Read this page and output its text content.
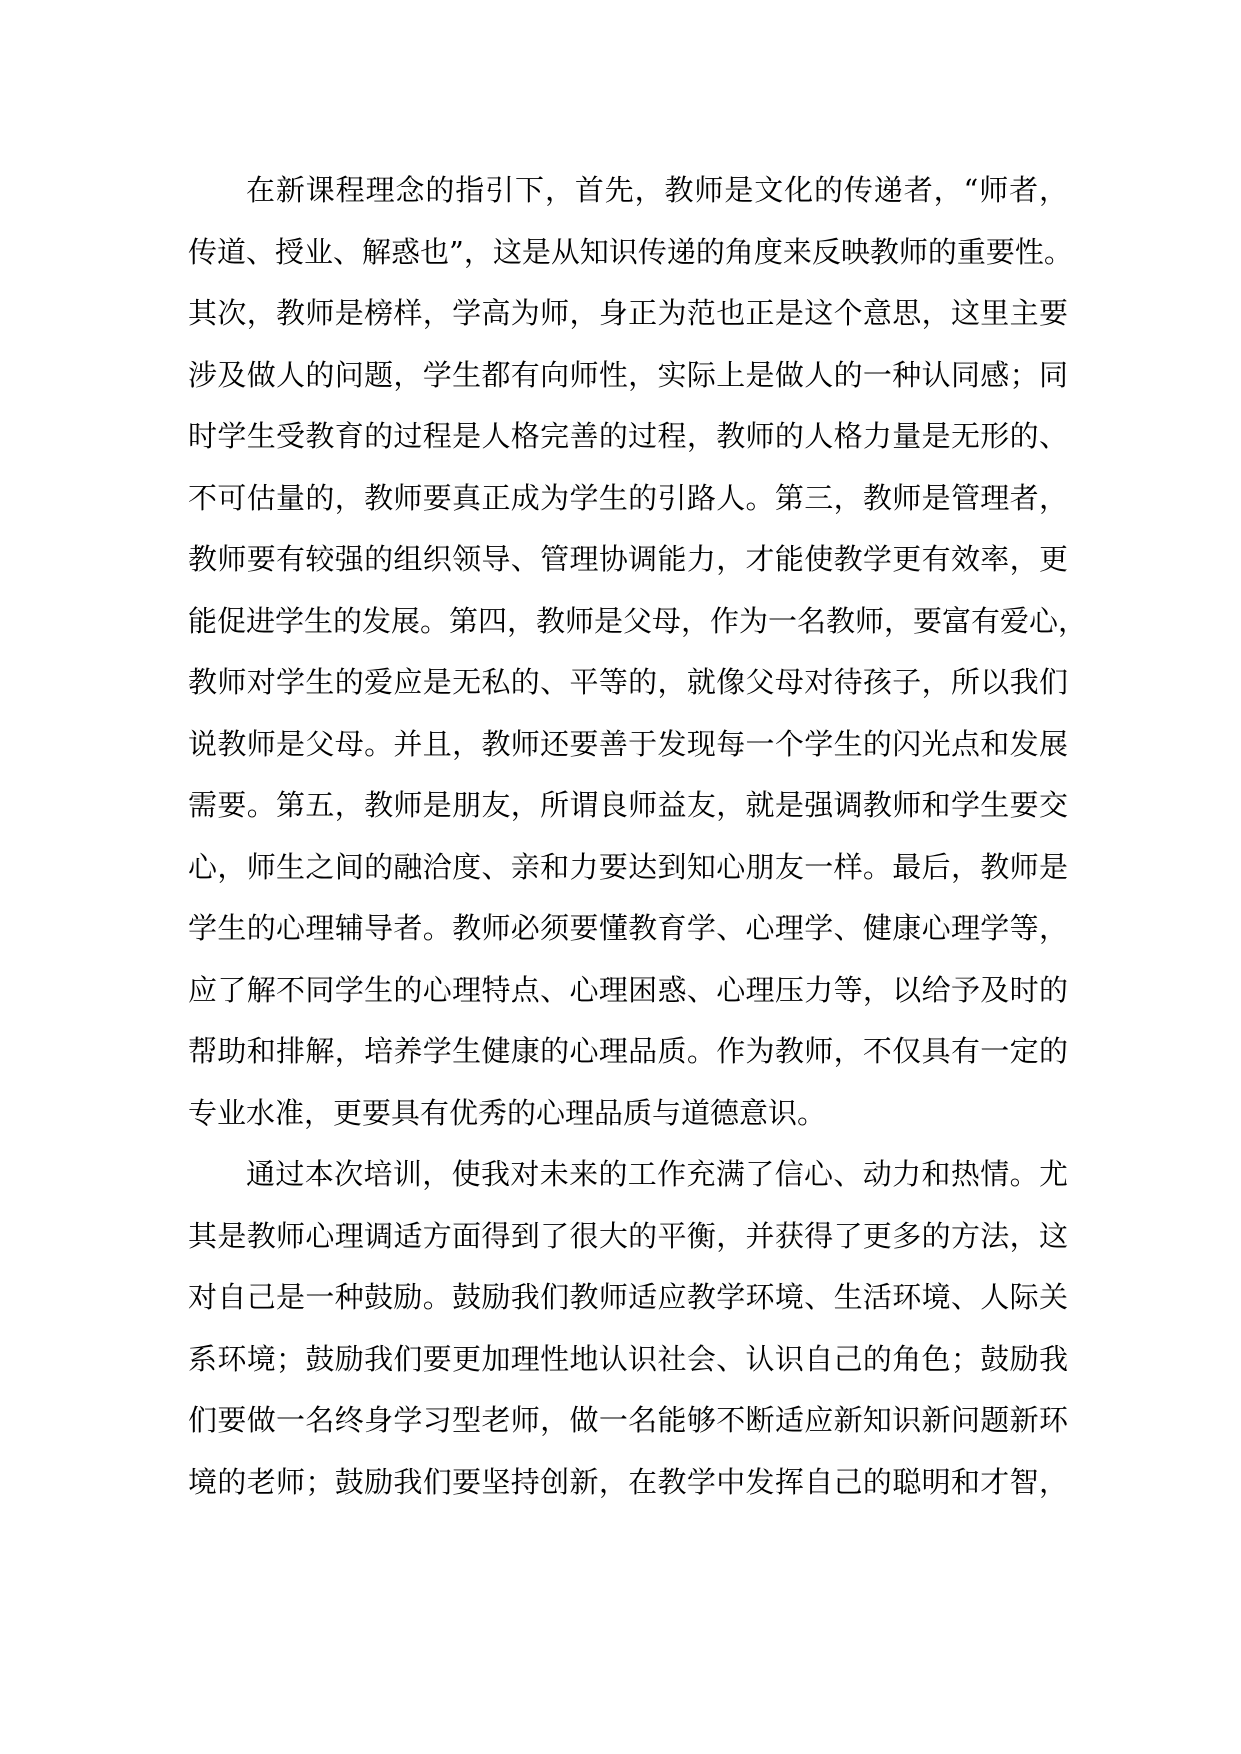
在新课程理念的指引下，首先，教师是文化的传递者，“师者，
传道、授业、解惑也”，这是从知识传递的角度来反映教师的重要性。
其次，教师是榜样，学高为师，身正为范也正是这个意思，这里主要
涉及做人的问题，学生都有向师性，实际上是做人的一种认同感；同
时学生受教育的过程是人格完善的过程，教师的人格力量是无形的、
不可估量的，教师要真正成为学生的引路人。第三，教师是管理者，
教师要有较强的组织领导、管理协调能力，才能使教学更有效率，更
能促进学生的发展。第四，教师是父母，作为一名教师，要富有爱心，
教师对学生的爱应是无私的、平等的，就像父母对待孩子，所以我们
说教师是父母。并且，教师还要善于发现每一个学生的闪光点和发展
需要。第五，教师是朋友，所谓良师益友，就是强调教师和学生要交
心，师生之间的融洽度、亲和力要达到知心朋友一样。最后，教师是
学生的心理辅导者。教师必须要懂教育学、心理学、健康心理学等，
应了解不同学生的心理特点、心理困惑、心理压力等，以给予及时的
帮助和排解，培养学生健康的心理品质。作为教师，不仅具有一定的
专业水准，更要具有优秀的心理品质与道德意识。
通过本次培训，使我对未来的工作充满了信心、动力和热情。尤
其是教师心理调适方面得到了很大的平衡，并获得了更多的方法，这
对自己是一种鼓励。鼓励我们教师适应教学环境、生活环境、人际关
系环境；鼓励我们要更加理性地认识社会、认识自己的角色；鼓励我
们要做一名终身学习型老师，做一名能够不断适应新知识新问题新环
境的老师；鼓励我们要坚持创新，在教学中发挥自己的聪明和才智，
